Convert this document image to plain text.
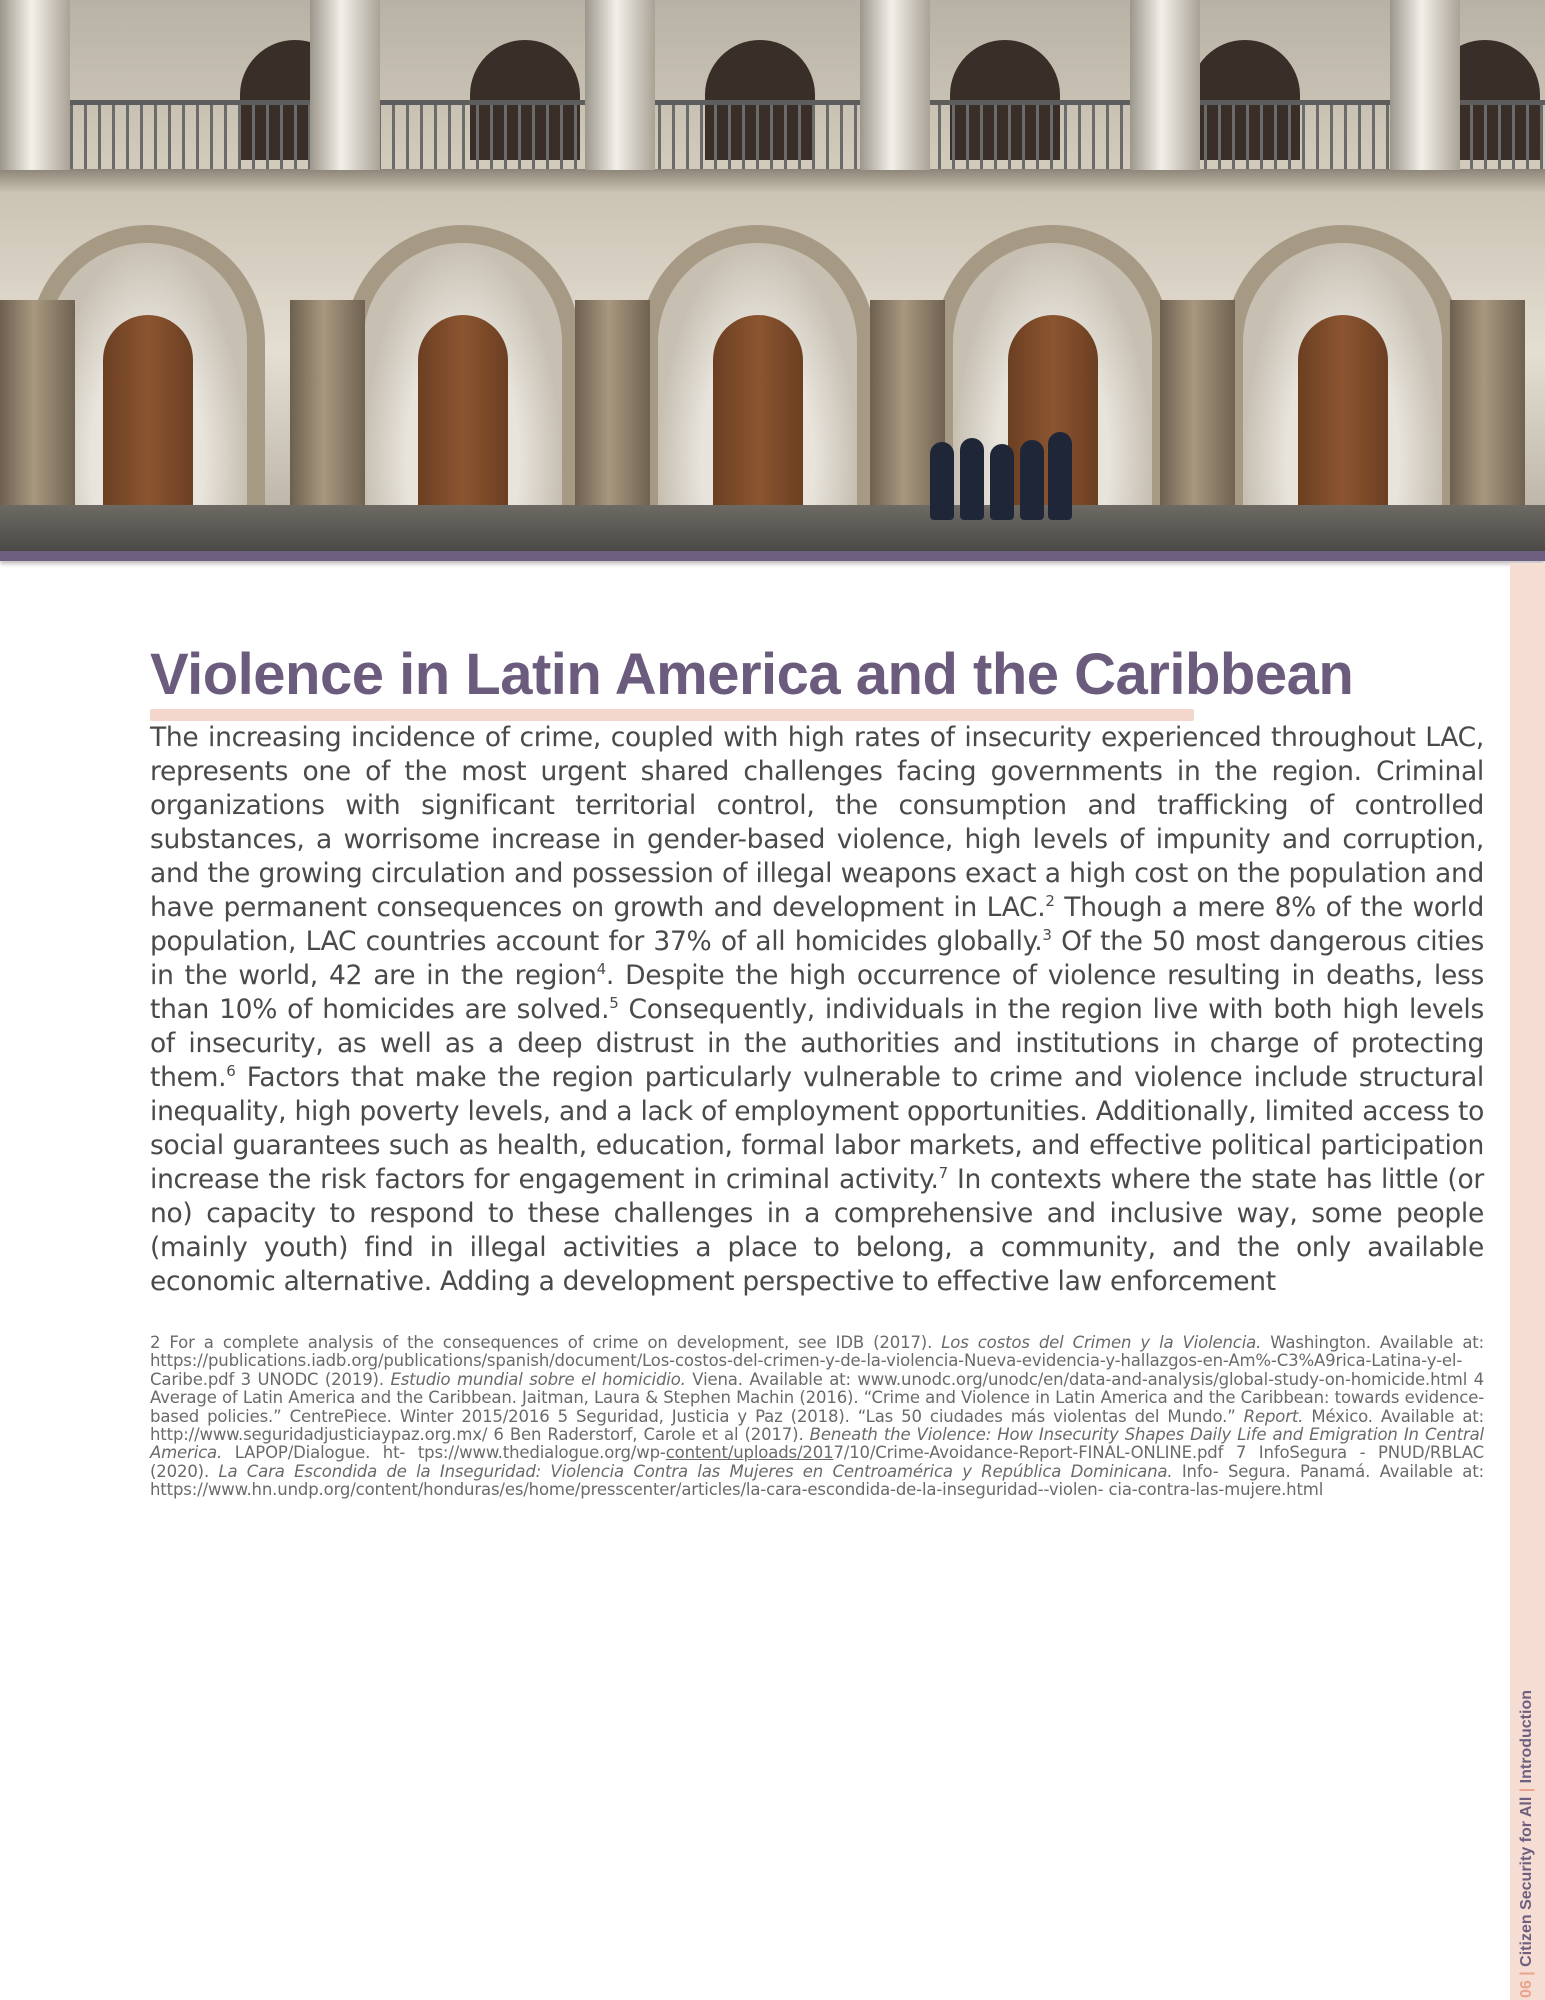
06 | Citizen Security for All | Introduction
Violence in Latin America and the Caribbean

The increasing incidence of crime, coupled with high rates of insecurity experienced throughout LAC, represents one of the most urgent shared challenges facing governments in the region. Criminal organizations with significant territorial control, the consumption and trafficking of controlled substances, a worrisome increase in gender-based violence, high levels of impunity and corruption, and the growing circulation and possession of illegal weapons exact a high cost on the population and have permanent consequences on growth and development in LAC.$^2$ Though a mere 8% of the world population, LAC countries account for 37% of all homicides globally.$^3$ Of the 50 most dangerous cities in the world, 42 are in the region$^4$. Despite the high occurrence of violence resulting in deaths, less than 10% of homicides are solved.$^5$ Consequently, individuals in the region live with both high levels of insecurity, as well as a deep distrust in the authorities and institutions in charge of protecting them.$^6$ Factors that make the region particularly vulnerable to crime and violence include structural inequality, high poverty levels, and a lack of employment opportunities. Additionally, limited access to social guarantees such as health, education, formal labor markets, and effective political participation increase the risk factors for engagement in criminal activity.$^7$ In contexts where the state has little (or no) capacity to respond to these challenges in a comprehensive and inclusive way, some people (mainly youth) find in illegal activities a place to belong, a community, and the only available economic alternative. Adding a development perspective to effective law enforcement

2 For a complete analysis of the consequences of crime on development, see IDB (2017). Los costos del Crimen y la Violencia. Washington. Available at: https://publications.iadb.org/publications/spanish/document/Los-costos-del-crimen-y-de-la-violencia-Nueva-evidencia-y-hallazgos-en-Am%-C3%A9rica-Latina-y-el-Caribe.pdf 3 UNODC (2019). Estudio mundial sobre el homicidio. Viena. Available at: www.unodc.org/unodc/en/data-and-analysis/global-study-on-homicide.html 4 Average of Latin America and the Caribbean. Jaitman, Laura & Stephen Machin (2016). “Crime and Violence in Latin America and the Caribbean: towards evidence-based policies.” CentrePiece. Winter 2015/2016 5 Seguridad, Justicia y Paz (2018). “Las 50 ciudades más violentas del Mundo.” Report. México. Available at: http://www.seguridadjusticiaypaz.org.mx/ 6 Ben Raderstorf, Carole et al (2017). Beneath the Violence: How Insecurity Shapes Daily Life and Emigration In Central America. LAPOP/Dialogue. ht- tps://www.thedialogue.org/wp-content/uploads/2017/10/Crime-Avoidance-Report-FINAL-ONLINE.pdf 7 InfoSegura - PNUD/RBLAC (2020). La Cara Escondida de la Inseguridad: Violencia Contra las Mujeres en Centroamérica y República Dominicana. Info- Segura. Panamá. Available at: https://www.hn.undp.org/content/honduras/es/home/presscenter/articles/la-cara-escondida-de-la-inseguridad--violen- cia-contra-las-mujere.html
